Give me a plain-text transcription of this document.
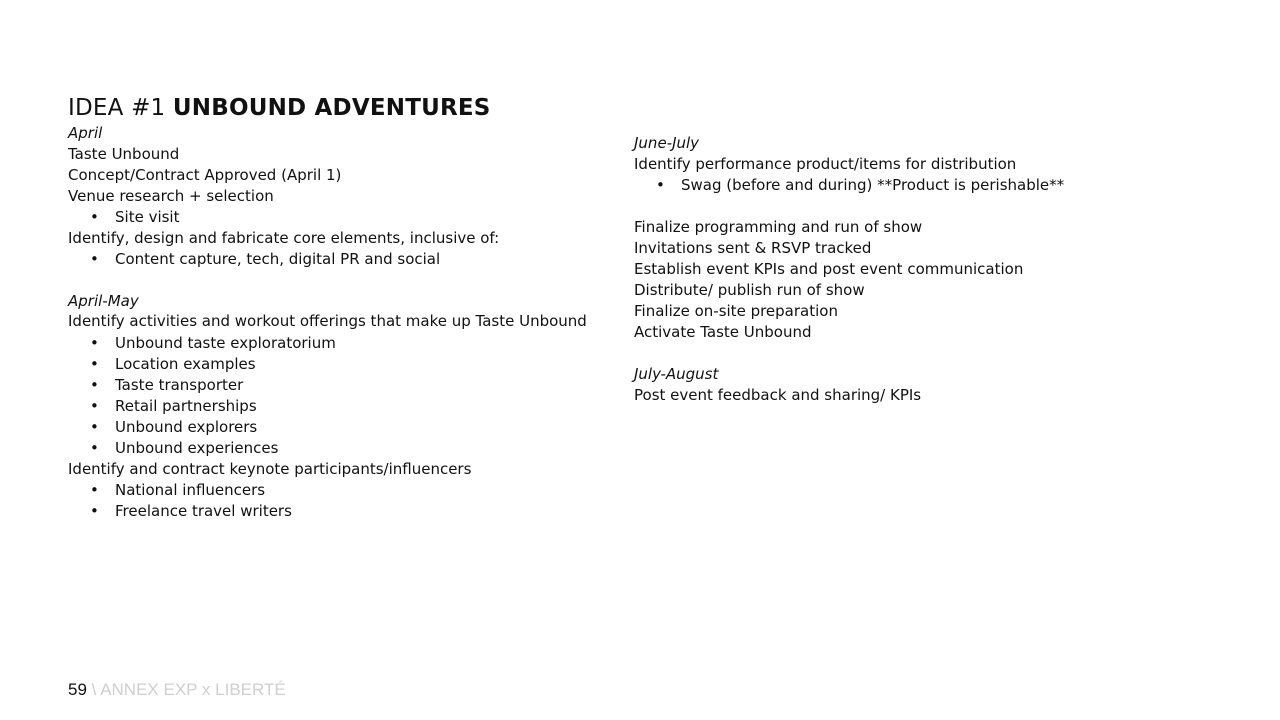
IDEA #1 UNBOUND ADVENTURES
April
Taste Unbound
Concept/Contract Approved (April 1)
Venue research + selection
• Site visit
Identify, design and fabricate core elements, inclusive of:
• Content capture, tech, digital PR and social
April-May
Identify activities and workout offerings that make up Taste Unbound
• Unbound taste exploratorium
• Location examples
• Taste transporter
• Retail partnerships
• Unbound explorers
• Unbound experiences
Identify and contract keynote participants/influencers
• National influencers
• Freelance travel writers
June-July
Identify performance product/items for distribution
• Swag (before and during) **Product is perishable**
Finalize programming and run of show
Invitations sent & RSVP tracked
Establish event KPIs and post event communication
Distribute/ publish run of show
Finalize on-site preparation
Activate Taste Unbound
July-August
Post event feedback and sharing/ KPIs
59 \ ANNEX EXP x LIBERTÉ
